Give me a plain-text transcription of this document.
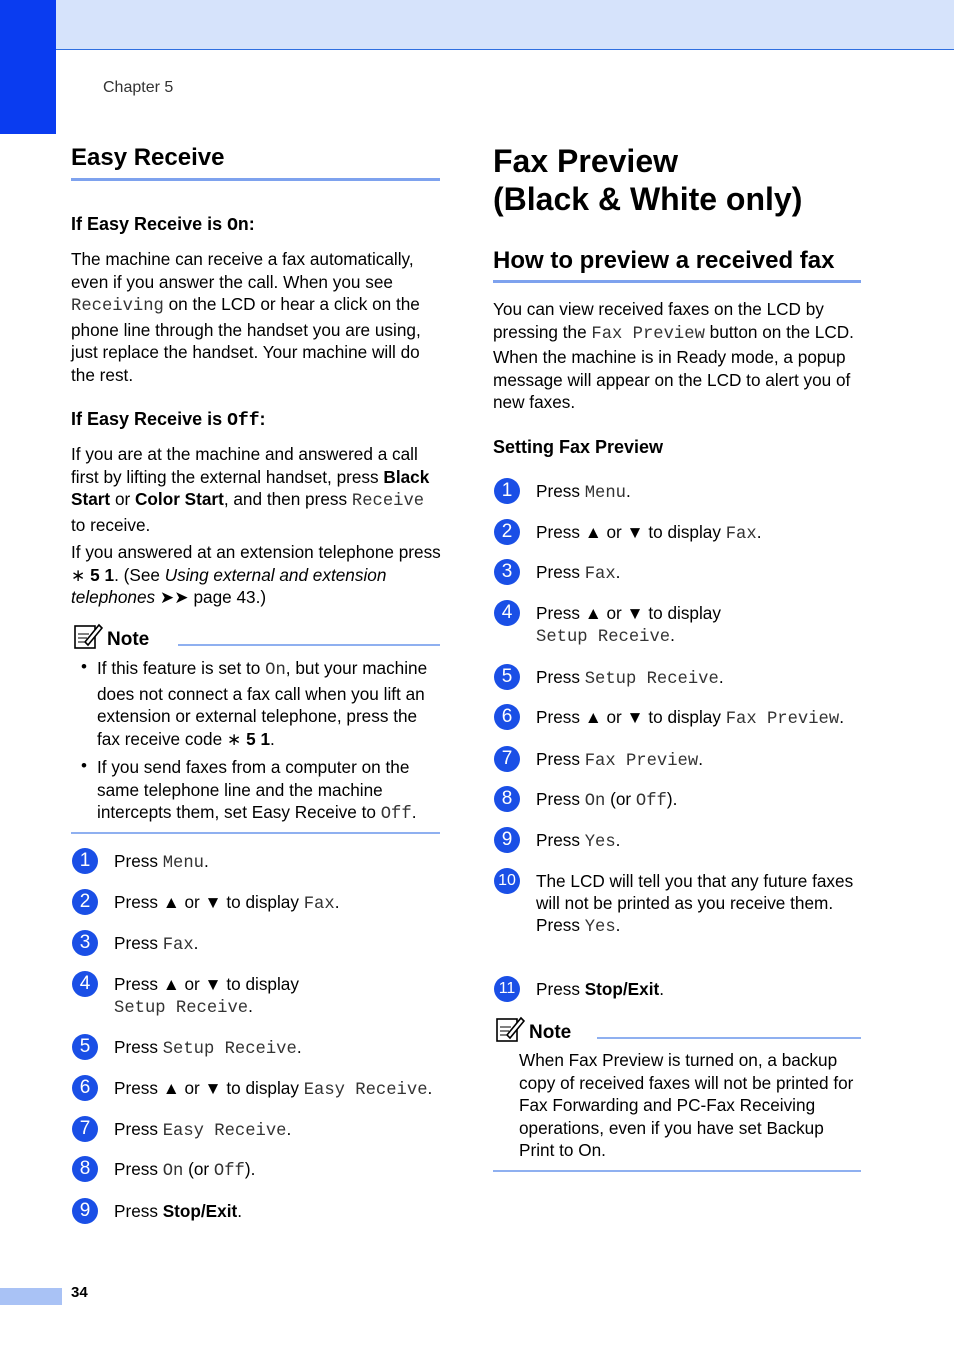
Chapter 5
Easy Receive
If Easy Receive is On:

The machine can receive a fax automatically, even if you answer the call. When you see Receiving on the LCD or hear a click on the phone line through the handset you are using, just replace the handset. Your machine will do the rest.

If Easy Receive is Off:

If you are at the machine and answered a call first by lifting the external handset, press Black Start or Color Start, and then press Receive to receive.

If you answered at an extension telephone press ∗ 5 1. (See Using external and extension telephones ➤➤ page 43.)

Note
• If this feature is set to On, but your machine does not connect a fax call when you lift an extension or external telephone, press the fax receive code ∗ 5 1.
• If you send faxes from a computer on the same telephone line and the machine intercepts them, set Easy Receive to Off.
1	Press Menu.
2	Press ▲ or ▼ to display Fax.
3	Press Fax.
4	Press ▲ or ▼ to display
Setup Receive.
5	Press Setup Receive.
6	Press ▲ or ▼ to display Easy Receive.
7	Press Easy Receive.
8	Press On (or Off).
9	Press Stop/Exit.
Fax Preview
(Black & White only)
How to preview a received fax

You can view received faxes on the LCD by pressing the Fax Preview button on the LCD. When the machine is in Ready mode, a popup message will appear on the LCD to alert you of new faxes.

Setting Fax Preview
1	Press Menu.
2	Press ▲ or ▼ to display Fax.
3	Press Fax.
4	Press ▲ or ▼ to display
Setup Receive.
5	Press Setup Receive.
6	Press ▲ or ▼ to display Fax Preview.
7	Press Fax Preview.
8	Press On (or Off).
9	Press Yes.
10 The LCD will tell you that any future faxes will not be printed as you receive them.
Press Yes.
11 Press Stop/Exit.
Note

When Fax Preview is turned on, a backup copy of received faxes will not be printed for Fax Forwarding and PC-Fax Receiving operations, even if you have set Backup Print to On.

34
